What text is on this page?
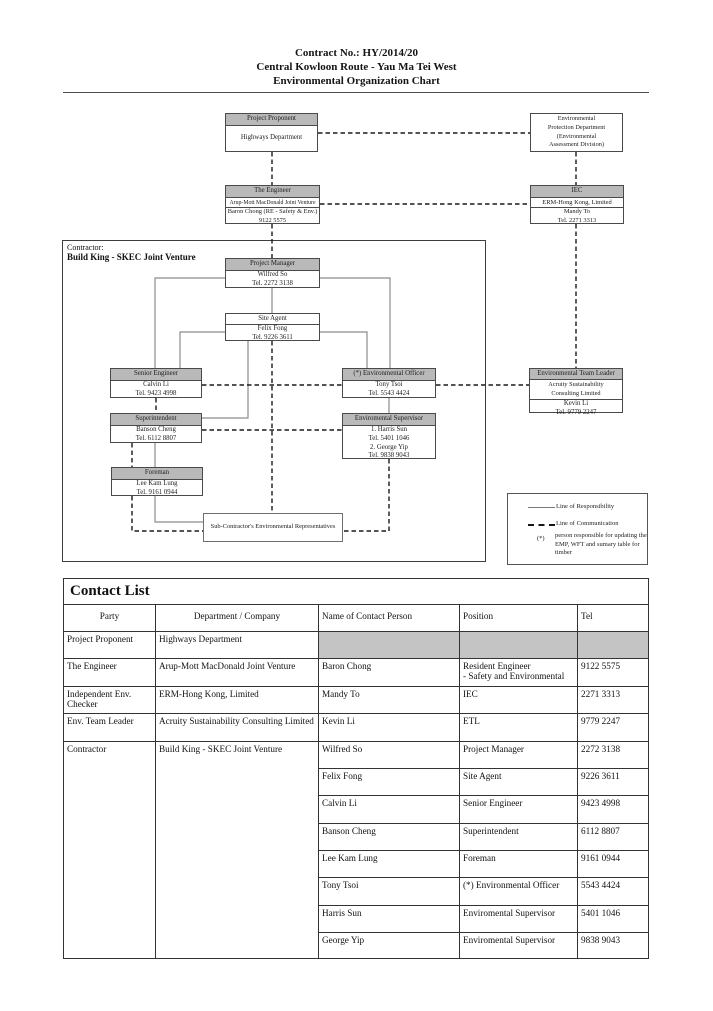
Contract No.: HY/2014/20
Central Kowloon Route - Yau Ma Tei West
Environmental Organization Chart
Contractor:
Build King - SKEC Joint Venture
Project Proponent
Highways Department
Environmental
Protection Department
(Environmental
Assessment Division)
The Engineer
Arup-Mott MacDonald Joint Venture
Baron Chong (RE - Safety & Env.)
9122 5575
IEC
ERM-Hong Kong, Limited
Mandy To
Tel. 2271 3313
Project Manager
Wilfred So
Tel. 2272 3138
Site Agent
Felix Fong
Tel. 9226 3611
Senior Engineer
Calvin Li
Tel. 9423 4998
(*) Environmental Officer
Tony Tsoi
Tel. 5543 4424
Superintendent
Banson Cheng
Tel. 6112 8807
Enviromental Supervisor
1. Harris Sun
Tel. 5401 1046
2. George Yip
Tel. 9838 9043
Foreman
Lee Kam Lung
Tel. 9161 0944
Sub-Contractor's Environmental Representatives
Environmental Team Leader
Acruity Sustainability
Consulting Limited
Kevin Li
Tel. 9779 2247
Line of Responsibility
Line of Communication
(*) person responsible for updating the EMP, WFT and sumary table for timber
Contact List				
Party	Department / Company	Name of Contact Person	Position	Tel
Project Proponent	Highways Department			
The Engineer	Arup-Mott MacDonald Joint Venture	Baron Chong	Resident Engineer
- Safety and Environmental	9122 5575
Independent Env. Checker	ERM-Hong Kong, Limited	Mandy To	IEC	2271 3313
Env. Team Leader	Acruity Sustainability Consulting Limited	Kevin Li	ETL	9779 2247
Contractor	Build King - SKEC Joint Venture	Wilfred So	Project Manager	2272 3138
		Felix Fong	Site Agent	9226 3611
		Calvin Li	Senior Engineer	9423 4998
		Banson Cheng	Superintendent	6112 8807
		Lee Kam Lung	Foreman	9161 0944
		Tony Tsoi	(*) Environmental Officer	5543 4424
		Harris Sun	Enviromental Supervisor	5401 1046
		George Yip	Enviromental Supervisor	9838 9043
